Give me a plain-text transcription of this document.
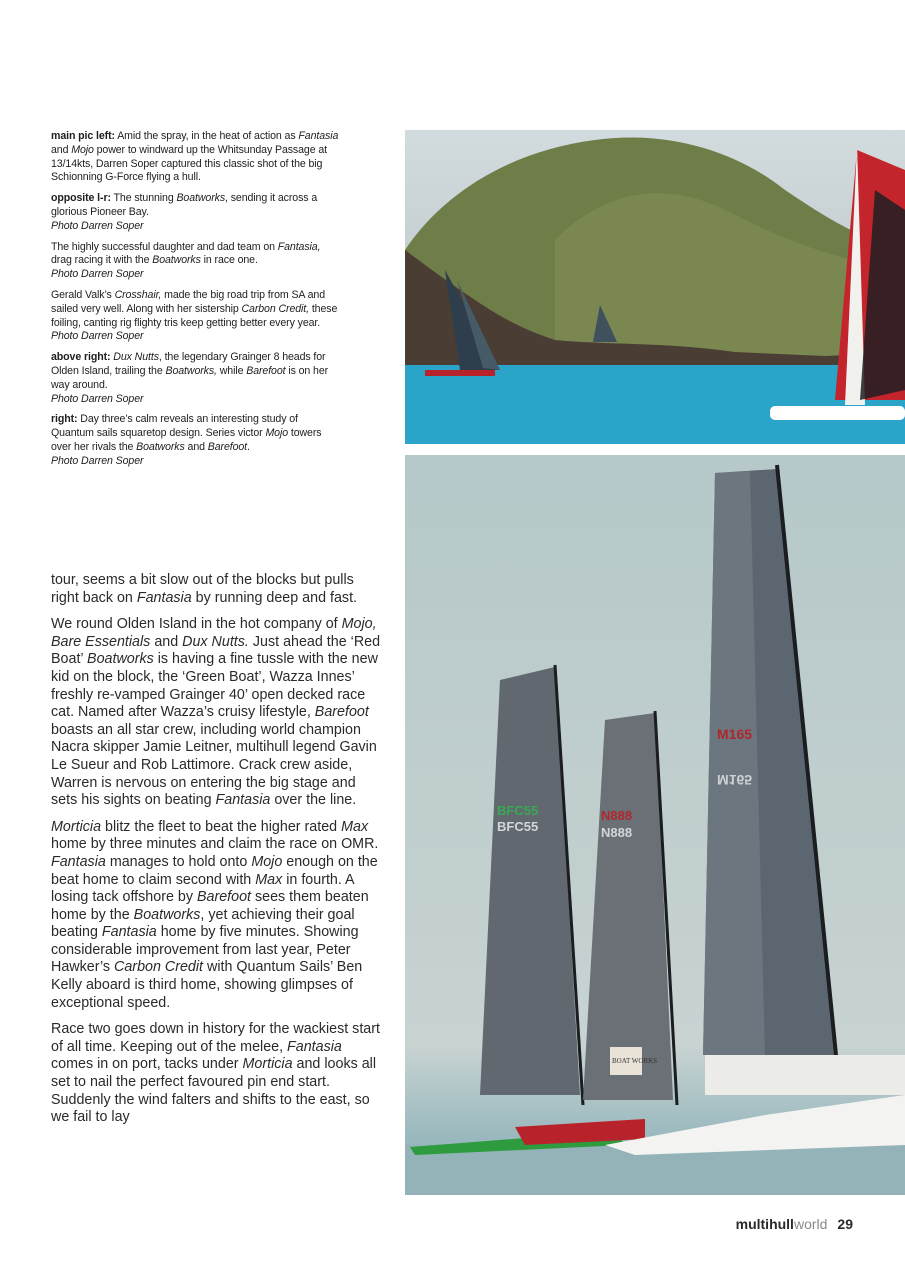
main pic left: Amid the spray, in the heat of action as Fantasia and Mojo power to windward up the Whitsunday Passage at 13/14kts, Darren Soper captured this classic shot of the big Schionning G-Force flying a hull.

opposite l-r: The stunning Boatworks, sending it across a glorious Pioneer Bay.
Photo Darren Soper

The highly successful daughter and dad team on Fantasia, drag racing it with the Boatworks in race one.
Photo Darren Soper

Gerald Valk’s Crosshair, made the big road trip from SA and sailed very well. Along with her sistership Carbon Credit, these foiling, canting rig flighty tris keep getting better every year. Photo Darren Soper

above right: Dux Nutts, the legendary Grainger 8 heads for Olden Island, trailing the Boatworks, while Barefoot is on her way around.
Photo Darren Soper

right: Day three’s calm reveals an interesting study of Quantum sails squaretop design. Series victor Mojo towers over her rivals the Boatworks and Barefoot.
Photo Darren Soper

tour, seems a bit slow out of the blocks but pulls right back on Fantasia by running deep and fast.

We round Olden Island in the hot company of Mojo, Bare Essentials and Dux Nutts. Just ahead the ‘Red Boat’ Boatworks is having a fine tussle with the new kid on the block, the ‘Green Boat’, Wazza Innes’ freshly re-vamped Grainger 40’ open decked race cat. Named after Wazza’s cruisy lifestyle, Barefoot boasts an all star crew, including world champion Nacra skipper Jamie Leitner, multihull legend Gavin Le Sueur and Rob Lattimore. Crack crew aside, Warren is nervous on entering the big stage and sets his sights on beating Fantasia over the line.

Morticia blitz the fleet to beat the higher rated Max home by three minutes and claim the race on OMR. Fantasia manages to hold onto Mojo enough on the beat home to claim second with Max in fourth. A losing tack offshore by Barefoot sees them beaten home by the Boatworks, yet achieving their goal beating Fantasia home by five minutes. Showing considerable improvement from last year, Peter Hawker’s Carbon Credit with Quantum Sails’ Ben Kelly aboard is third home, showing glimpses of exceptional speed.

Race two goes down in history for the wackiest start of all time. Keeping out of the melee, Fantasia comes in on port, tacks under Morticia and looks all set to nail the perfect favoured pin end start. Suddenly the wind falters and shifts to the east, so we fail to lay

M165
M165
BFC55
BFC55
N888
N888
BOAT WORKS
multihullworld 29
